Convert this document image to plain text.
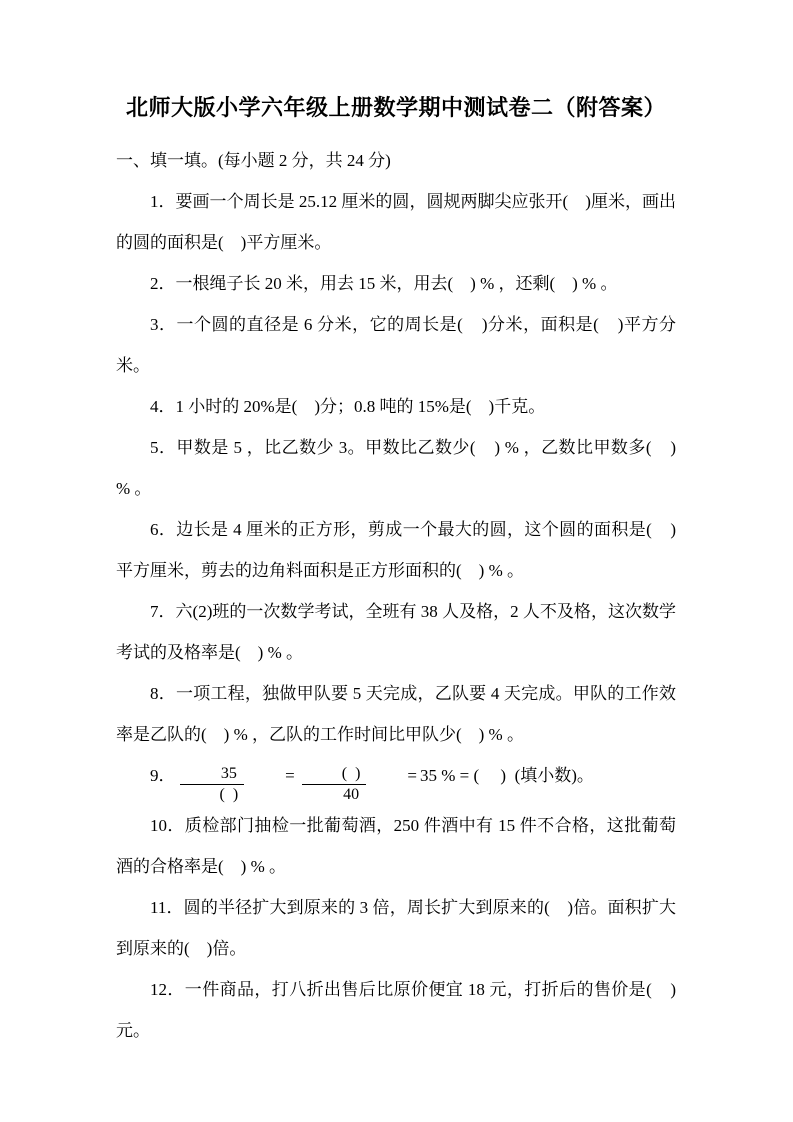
北师大版小学六年级上册数学期中测试卷二（附答案）
一、填一填。(每小题 2 分，共 24 分)

1．要画一个周长是 25.12 厘米的圆，圆规两脚尖应张开(    )厘米，画出的圆的面积是(    )平方厘米。

2．一根绳子长 20 米，用去 15 米，用去(    ) % ，还剩(    ) % 。

3．一个圆的直径是 6 分米，它的周长是(    )分米，面积是(    )平方分米。

4．1 小时的 20%是(    )分；0.8 吨的 15%是(    )千克。

5．甲数是 5 ，比乙数少 3。甲数比乙数少(    ) % ，乙数比甲数多(    ) % 。

6．边长是 4 厘米的正方形，剪成一个最大的圆，这个圆的面积是(    )平方厘米，剪去的边角料面积是正方形面积的(    ) % 。

7．六(2)班的一次数学考试，全班有 38 人及格，2 人不及格，这次数学考试的及格率是(    ) % 。

8．一项工程，独做甲队要 5 天完成，乙队要 4 天完成。甲队的工作效率是乙队的(    ) % ，乙队的工作时间比甲队少(    ) % 。

9． $\frac{35}{( )} = \frac{( )}{40} = 35$ % = (     )  (填小数)。

10．质检部门抽检一批葡萄酒，250 件酒中有 15 件不合格，这批葡萄酒的合格率是(    ) % 。

11．圆的半径扩大到原来的 3 倍，周长扩大到原来的(    )倍。面积扩大到原来的(    )倍。

12．一件商品，打八折出售后比原价便宜 18 元，打折后的售价是(    )元。
